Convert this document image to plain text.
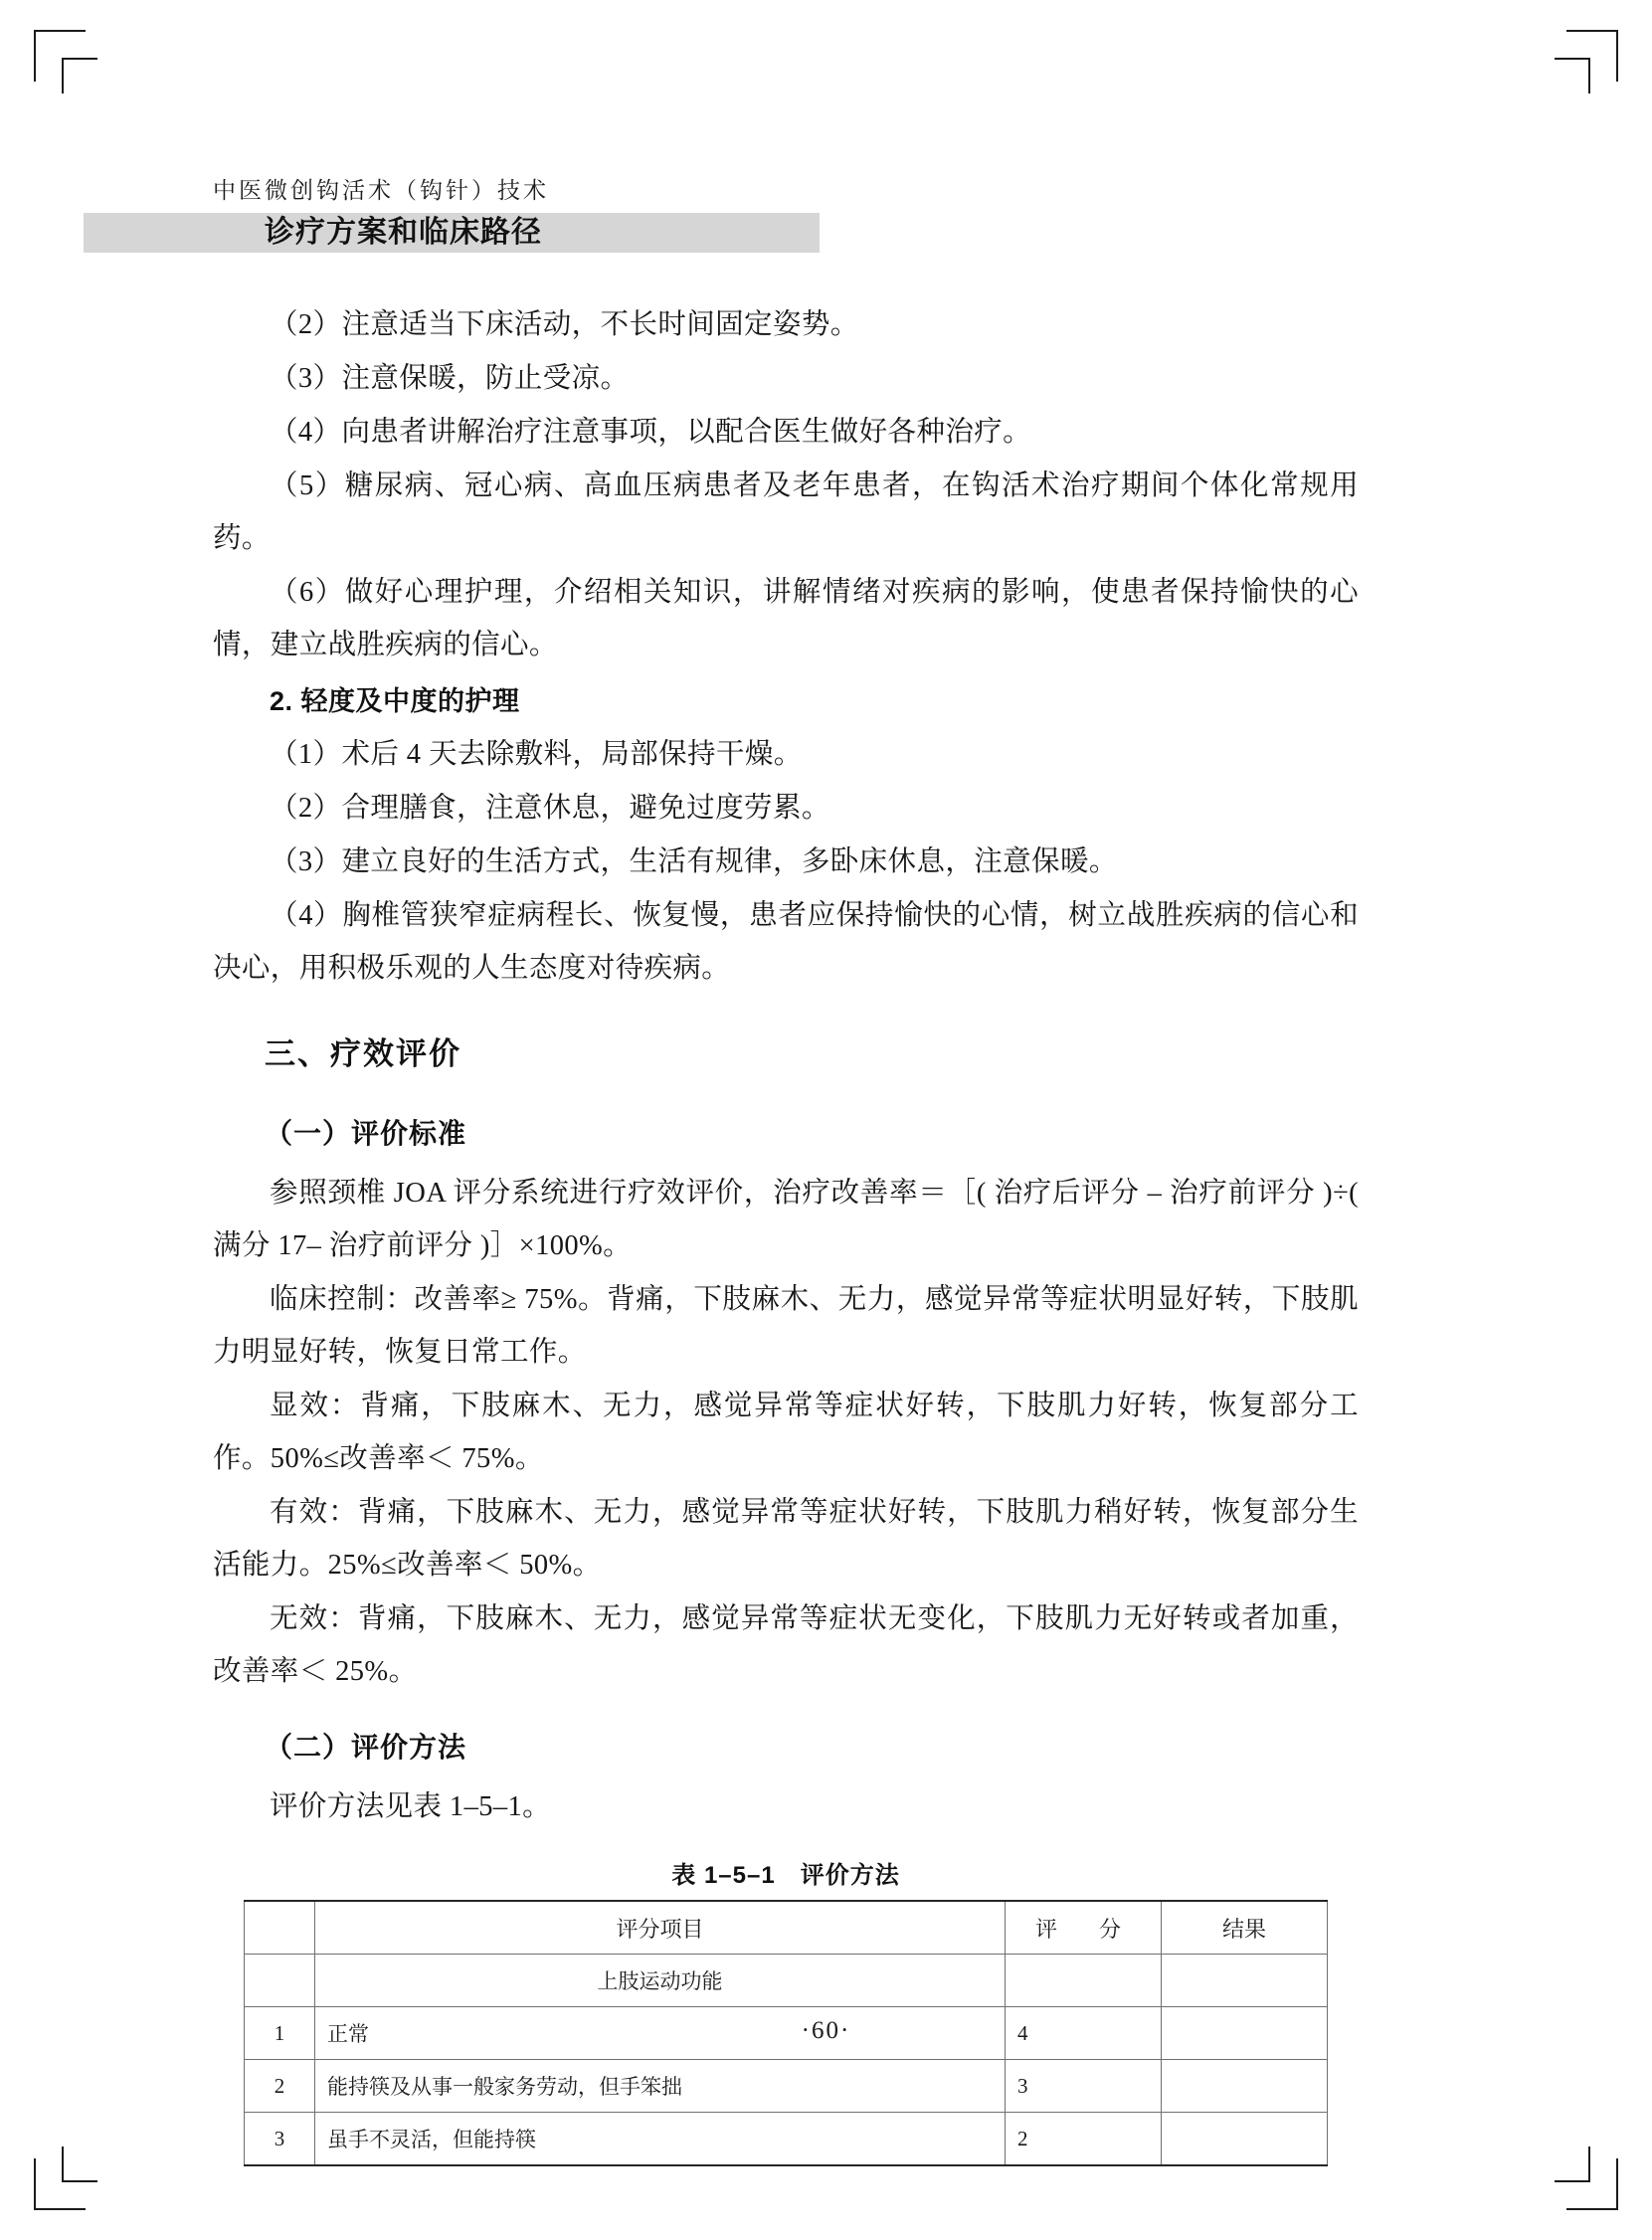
中医微创钩活术（钩针）技术
诊疗方案和临床路径

（2）注意适当下床活动，不长时间固定姿势。

（3）注意保暖，防止受凉。

（4）向患者讲解治疗注意事项，以配合医生做好各种治疗。

（5）糖尿病、冠心病、高血压病患者及老年患者，在钩活术治疗期间个体化常规用药。

（6）做好心理护理，介绍相关知识，讲解情绪对疾病的影响，使患者保持愉快的心情，建立战胜疾病的信心。

2. 轻度及中度的护理

（1）术后 4 天去除敷料，局部保持干燥。

（2）合理膳食，注意休息，避免过度劳累。

（3）建立良好的生活方式，生活有规律，多卧床休息，注意保暖。

（4）胸椎管狭窄症病程长、恢复慢，患者应保持愉快的心情，树立战胜疾病的信心和决心，用积极乐观的人生态度对待疾病。

三、疗效评价
（一）评价标准

参照颈椎 JOA 评分系统进行疗效评价，治疗改善率＝［( 治疗后评分 – 治疗前评分 )÷( 满分 17– 治疗前评分 )］×100%。

临床控制：改善率≥ 75%。背痛，下肢麻木、无力，感觉异常等症状明显好转，下肢肌力明显好转，恢复日常工作。

显效：背痛，下肢麻木、无力，感觉异常等症状好转，下肢肌力好转，恢复部分工作。50%≤改善率＜ 75%。

有效：背痛，下肢麻木、无力，感觉异常等症状好转，下肢肌力稍好转，恢复部分生活能力。25%≤改善率＜ 50%。

无效：背痛，下肢麻木、无力，感觉异常等症状无变化，下肢肌力无好转或者加重，改善率＜ 25%。

（二）评价方法

评价方法见表 1–5–1。

表 1–5–1　评价方法
	评分项目	评　分	结果
	上肢运动功能		
1	正常	4	
2	能持筷及从事一般家务劳动，但手笨拙	3	
3	虽手不灵活，但能持筷	2	
·60·
